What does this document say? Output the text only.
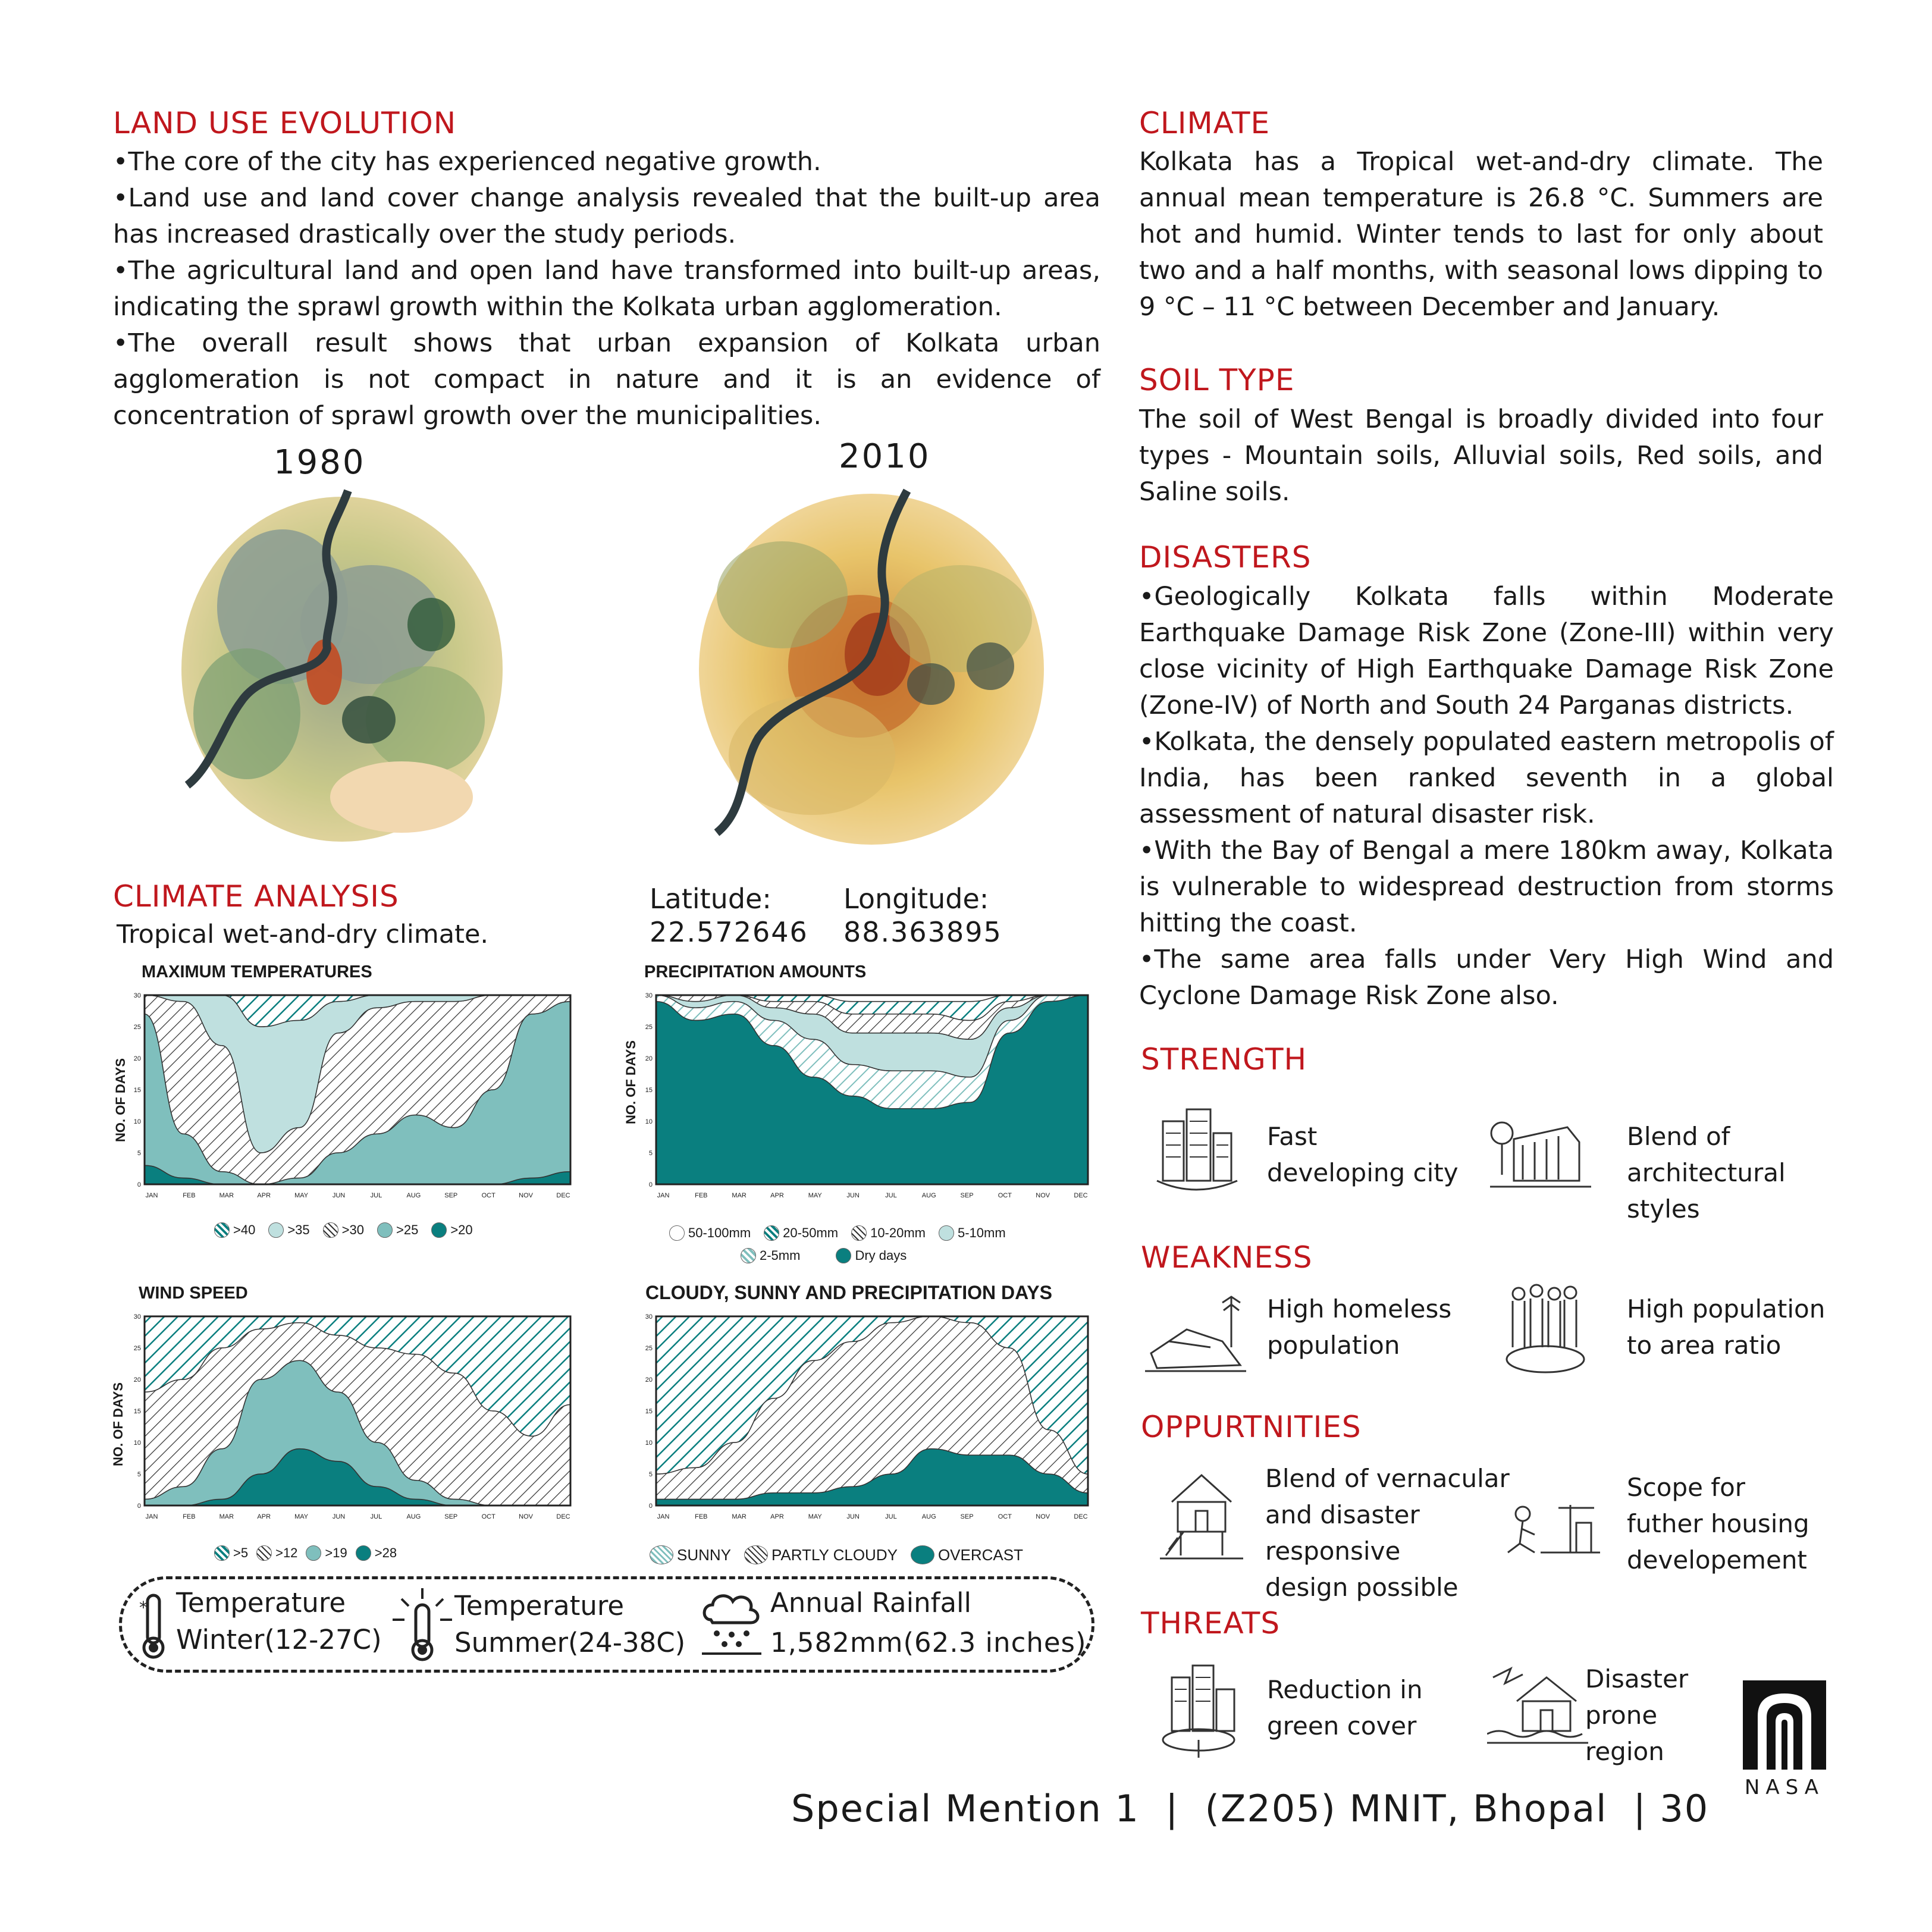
LAND USE EVOLUTION
•The core of the city has experienced negative growth.
•Land use and land cover change analysis revealed that the built-up area has increased drastically over the study periods.
•The agricultural land and open land have transformed into built-up areas, indicating the sprawl growth within the Kolkata urban agglomeration.
•The overall result shows that urban expansion of Kolkata urban agglomeration is not compact in nature and it is an evidence of concentration of sprawl growth over the municipalities.
1980	2010
CLIMATE ANALYSIS
Tropical wet-and-dry climate.
Latitude:
22.572646
Longitude:
88.363895
MAXIMUM TEMPERATURES
NO. OF DAYS
0
5
10
15
20
25
30
JAN	FEB	MAR	APR	MAY	JUN	JUL	AUG	SEP	OCT	NOV	DEC
>40 >35 >30 >25 >20
PRECIPITATION AMOUNTS
NO. OF DAYS
0
5
10
15
20
25
30
JAN	FEB	MAR	APR	MAY	JUN	JUL	AUG	SEP	OCT	NOV	DEC
50-100mm 20-50mm 10-20mm 5-10mm
2-5mm	Dry days
WIND SPEED
NO. OF DAYS
0
5
10
15
20
25
30
JAN	FEB	MAR	APR	MAY	JUN	JUL	AUG	SEP	OCT	NOV	DEC
>5 >12 >19 >28
CLOUDY, SUNNY AND PRECIPITATION DAYS
0
5
10
15
20
25
30
JAN	FEB	MAR	APR	MAY	JUN	JUL	AUG	SEP	OCT	NOV	DEC
SUNNY	PARTLY CLOUDY	OVERCAST
* Temperature
Winter(12-27C)
Temperature
Summer(24-38C)
Annual Rainfall
1,582mm(62.3 inches)
CLIMATE
Kolkata has a Tropical wet-and-dry climate. The annual mean temperature is 26.8 °C. Summers are hot and humid. Winter tends to last for only about two and a half months, with seasonal lows dipping to 9 °C – 11 °C between December and January.
SOIL TYPE
The soil of West Bengal is broadly divided into four types - Mountain soils, Alluvial soils, Red soils, and Saline soils.
DISASTERS
•Geologically Kolkata falls within Moderate Earthquake Damage Risk Zone (Zone-III) within very close vicinity of High Earthquake Damage Risk Zone (Zone-IV) of North and South 24 Parganas districts.
•Kolkata, the densely populated eastern metropolis of India, has been ranked seventh in a global assessment of natural disaster risk.
•With the Bay of Bengal a mere 180km away, Kolkata is vulnerable to widespread destruction from storms hitting the coast.
•The same area falls under Very High Wind and Cyclone Damage Risk Zone also.
STRENGTH
Fast
developing city
Blend of
architectural
styles
WEAKNESS
High homeless
population
High population
to area ratio
OPPURTNITIES
Blend of vernacular
and disaster
responsive
design possible
Scope for
futher housing
developement
THREATS
Reduction in
green cover
Disaster
prone
region
Special Mention 1  |  (Z205) MNIT, Bhopal  | 30 NASA
